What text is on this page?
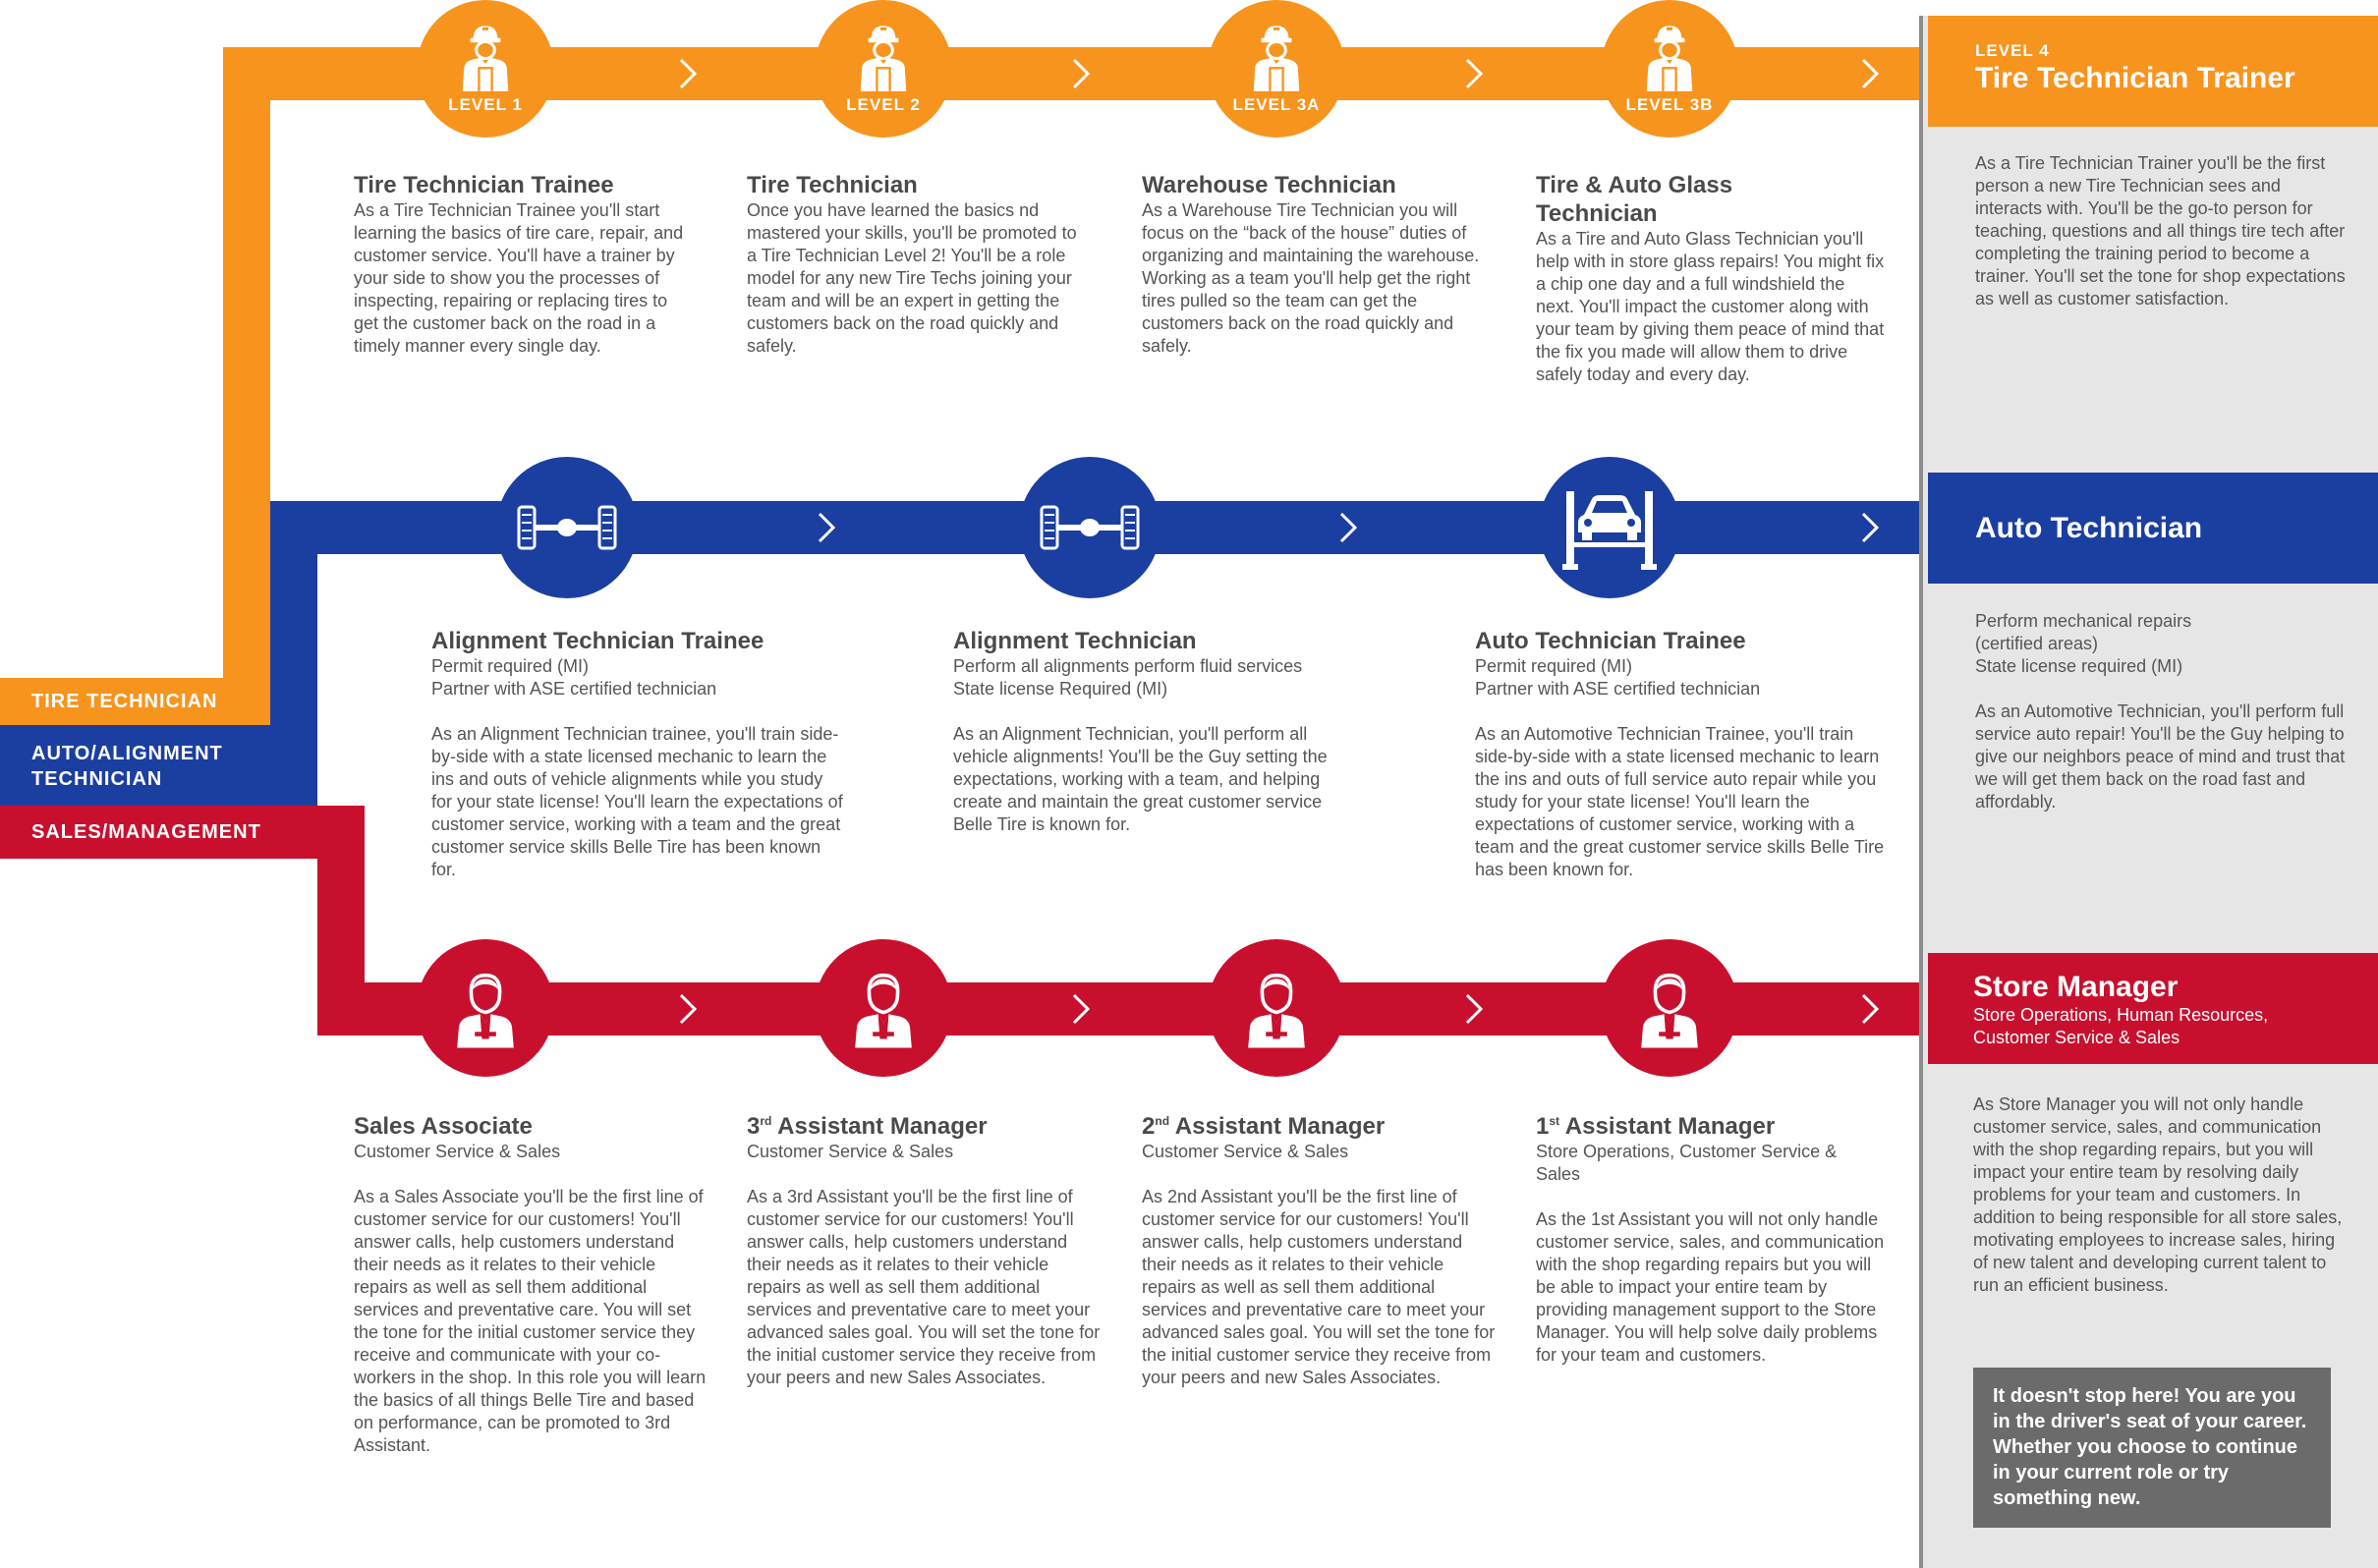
TIRE TECHNICIAN
AUTO/ALIGNMENT
TECHNICIAN
SALES/MANAGEMENT
LEVEL 4
Tire Technician Trainer
As a Tire Technician Trainer you'll be the first person a new Tire Technician sees and interacts with. You'll be the go-to person for teaching, questions and all things tire tech after completing the training period to become a trainer. You'll set the tone for shop expectations as well as customer satisfaction.
Auto Technician
Perform mechanical repairs
(certified areas)
State license required (MI)
As an Automotive Technician, you'll perform full service auto repair! You'll be the Guy helping to give our neighbors peace of mind and trust that we will get them back on the road fast and affordably.
Store Manager
Store Operations, Human Resources, Customer Service & Sales
As Store Manager you will not only handle customer service, sales, and communication with the shop regarding repairs, but you will impact your entire team by resolving daily problems for your team and customers. In addition to being responsible for all store sales, motivating employees to increase sales, hiring of new talent and developing current talent to run an efficient business.
It doesn't stop here! You are you in the driver's seat of your career. Whether you choose to continue in your current role or try something new.
LEVEL 1	LEVEL 2	LEVEL 3A	LEVEL 3B
Tire Technician Trainee
As a Tire Technician Trainee you'll start learning the basics of tire care, repair, and customer service. You'll have a trainer by your side to show you the processes of inspecting, repairing or replacing tires to get the customer back on the road in a timely manner every single day.
Tire Technician
Once you have learned the basics nd mastered your skills, you'll be promoted to a Tire Technician Level 2! You'll be a role model for any new Tire Techs joining your team and will be an expert in getting the customers back on the road quickly and safely.
Warehouse Technician
As a Warehouse Tire Technician you will focus on the “back of the house” duties of organizing and maintaining the warehouse. Working as a team you'll help get the right tires pulled so the team can get the customers back on the road quickly and safely.
Tire & Auto Glass Technician
As a Tire and Auto Glass Technician you'll help with in store glass repairs! You might fix a chip one day and a full windshield the next. You'll impact the customer along with your team by giving them peace of mind that the fix you made will allow them to drive safely today and every day.
Alignment Technician Trainee
Permit required (MI)
Partner with ASE certified technician
As an Alignment Technician trainee, you'll train side-by-side with a state licensed mechanic to learn the ins and outs of vehicle alignments while you study for your state license! You'll learn the expectations of customer service, working with a team and the great customer service skills Belle Tire has been known for.
Alignment Technician
Perform all alignments perform fluid services
State license Required (MI)
As an Alignment Technician, you'll perform all vehicle alignments! You'll be the Guy setting the expectations, working with a team, and helping create and maintain the great customer service Belle Tire is known for.
Auto Technician Trainee
Permit required (MI)
Partner with ASE certified technician
As an Automotive Technician Trainee, you'll train side-by-side with a state licensed mechanic to learn the ins and outs of full service auto repair while you study for your state license! You'll learn the expectations of customer service, working with a team and the great customer service skills Belle Tire has been known for.
Sales Associate
Customer Service & Sales
As a Sales Associate you'll be the first line of customer service for our customers! You'll answer calls, help customers understand their needs as it relates to their vehicle repairs as well as sell them additional services and preventative care. You will set the tone for the initial customer service they receive and communicate with your co-workers in the shop. In this role you will learn the basics of all things Belle Tire and based on performance, can be promoted to 3rd Assistant.
3rd Assistant Manager
Customer Service & Sales
As a 3rd Assistant you'll be the first line of customer service for our customers! You'll answer calls, help customers understand their needs as it relates to their vehicle repairs as well as sell them additional services and preventative care to meet your advanced sales goal. You will set the tone for the initial customer service they receive from your peers and new Sales Associates.
2nd Assistant Manager
Customer Service & Sales
As 2nd Assistant you'll be the first line of customer service for our customers! You'll answer calls, help customers understand their needs as it relates to their vehicle repairs as well as sell them additional services and preventative care to meet your advanced sales goal. You will set the tone for the initial customer service they receive from your peers and new Sales Associates.
1st Assistant Manager
Store Operations, Customer Service & Sales
As the 1st Assistant you will not only handle customer service, sales, and communication with the shop regarding repairs but you will be able to impact your entire team by providing management support to the Store Manager. You will help solve daily problems for your team and customers.
